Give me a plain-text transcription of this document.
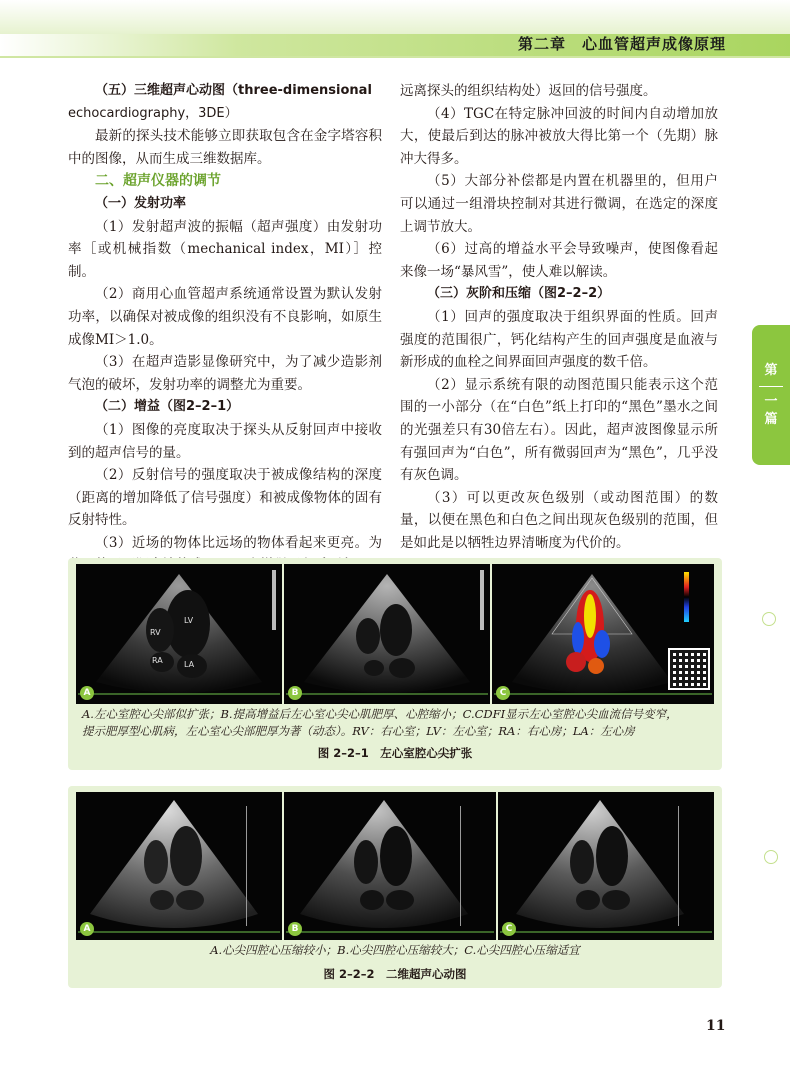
第二章　心血管超声成像原理
第
一
篇

（五）三维超声心动图（three-dimensional

echocardiography，3DE）

最新的探头技术能够立即获取包含在金字塔容积中的图像，从而生成三维数据库。

二、超声仪器的调节

（一）发射功率

（1）发射超声波的振幅（超声强度）由发射功率［或机械指数（mechanical index，MI）］控制。

（2）商用心血管超声系统通常设置为默认发射功率，以确保对被成像的组织没有不良影响，如原生成像MI＞1.0。

（3）在超声造影显像研究中，为了减少造影剂气泡的破坏，发射功率的调整尤为重要。

（二）增益（图2–2–1）

（1）图像的亮度取决于探头从反射回声中接收到的超声信号的量。

（2）反射信号的强度取决于被成像结构的深度（距离的增加降低了信号强度）和被成像物体的固有反射特性。

（3）近场的物体比远场的物体看起来更亮。为

远离探头的组织结构处）返回的信号强度。

（4）TGC在特定脉冲回波的时间内自动增加放大，使最后到达的脉冲被放大得比第一个（先期）脉冲大得多。

（5）大部分补偿都是内置在机器里的，但用户可以通过一组滑块控制对其进行微调，在选定的深度上调节放大。

（6）过高的增益水平会导致噪声，使图像看起来像一场“暴风雪”，使人难以解读。

（三）灰阶和压缩（图2–2–2）

（1）回声的强度取决于组织界面的性质。回声强度的范围很广，钙化结构产生的回声强度是血液与新形成的血栓之间界面回声强度的数千倍。

（2）显示系统有限的动图范围只能表示这个范围的一小部分（在“白色”纸上打印的“黑色”墨水之间的光强差只有30倍左右）。因此，超声波图像显示所有强回声为“白色”，所有微弱回声为“黑色”，几乎没有灰色调。

（3）可以更改灰色级别（或动图范围）的数量，以便在黑色和白色之间出现灰色级别的范围，但是如此是以牺牲边界清晰度为代价的。

LV
RV
RA	LA
A	B	C
A.左心室腔心尖部似扩张；B.提高增益后左心室心尖心肌肥厚、心腔缩小；C.CDFI显示左心室腔心尖血流信号变窄，
提示肥厚型心肌病，左心室心尖部肥厚为著（动态）。RV：右心室；LV：左心室；RA：右心房；LA：左心房
图 2–2–1　左心室腔心尖扩张
A	B	C
A.心尖四腔心压缩较小；B.心尖四腔心压缩较大；C.心尖四腔心压缩适宜
图 2–2–2　二维超声心动图
11
